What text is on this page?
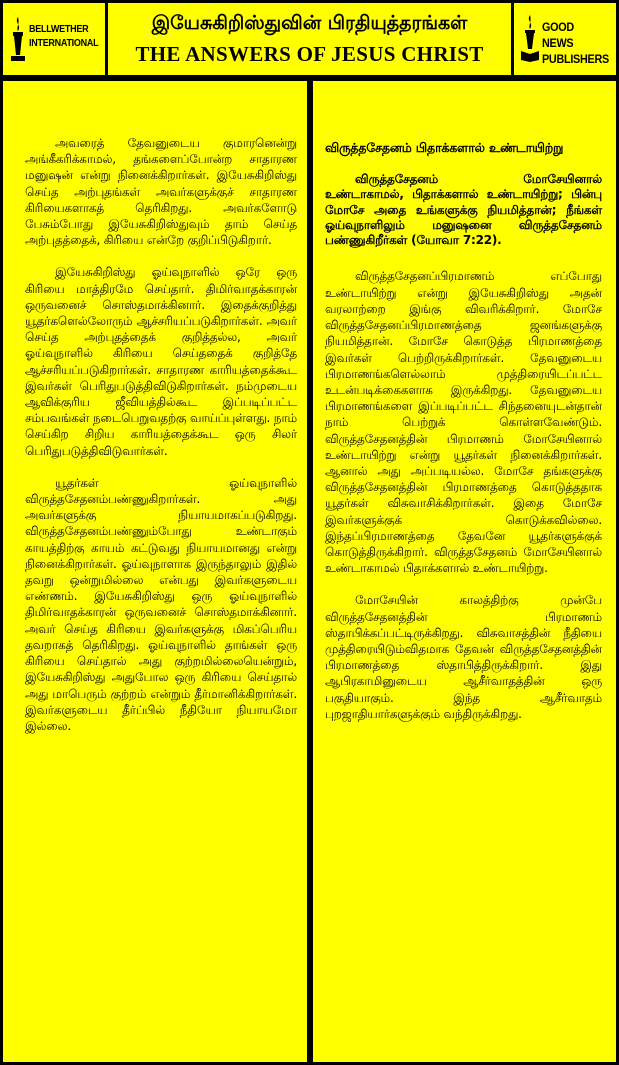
BELLWETHER
INTERNATIONAL
இயேசுகிறிஸ்துவின் பிரதியுத்தரங்கள்
THE ANSWERS OF JESUS CHRIST
GOOD NEWS
PUBLISHERS

அவரைத் தேவனுடைய குமாரனென்று அங்கீகரிக்காமல், தங்களைப்போன்ற சாதாரண மனுஷன் என்று நினைக்கிறார்கள். இயேசுகிறிஸ்து செய்த அற்புதங்கள் அவர்களுக்குச் சாதாரண கிரியைகளாகத் தெரிகிறது. அவர்களோடு பேசும்போது இயேசுகிறிஸ்துவும் தாம் செய்த அற்புதத்தைக், கிரியை என்றே குறிப்பிடுகிறார்.

இயேசுகிறிஸ்து ஓய்வுநாளில் ஒரே ஒரு கிரியை மாத்திரமே செய்தார். திமிர்வாதக்காரன் ஒருவனைச் சொஸ்தமாக்கினார். இதைக்குறித்து யூதர்களெல்லோரும் ஆச்சரியப்படுகிறார்கள். அவர் செய்த அற்புதத்தைக் குறித்தல்ல, அவர் ஓய்வுநாளில் கிரியை செய்ததைக் குறித்தே ஆச்சரியப்படுகிறார்கள். சாதாரண காரியத்தைக்கூட இவர்கள் பெரிதுபடுத்திவிடுகிறார்கள். நம்முடைய ஆவிக்குரிய ஜீவியத்தில்கூட இப்படிப்பட்ட சம்பவங்கள் நடைபெறுவதற்கு வாய்ப்புள்ளது. நாம் செய்கிற சிறிய காரியத்தைக்கூட ஒரு சிலர் பெரிதுபடுத்திவிடுவார்கள்.

யூதர்கள் ஓய்வுநாளில் விருத்தசேதனம்பண்ணுகிறார்கள். அது அவர்களுக்கு நியாயமாகப்படுகிறது. விருத்தசேதனம்பண்ணும்போது உண்டாகும் காயத்திற்கு காயம் கட்டுவது நியாயமானது என்று நினைக்கிறார்கள். ஓய்வுநாளாக இருந்தாலும் இதில் தவறு ஒன்றுமில்லை என்பது இவர்களுடைய எண்ணம். இயேசுகிறிஸ்து ஒரு ஓய்வுநாளில் திமிர்வாதக்காரன் ஒருவனைச் சொஸ்தமாக்கினார். அவர் செய்த கிரியை இவர்களுக்கு மிகப்பெரிய தவறாகத் தெரிகிறது. ஓய்வுநாளில் தாங்கள் ஒரு கிரியை செய்தால் அது குற்றமில்லையென்றும், இயேசுகிறிஸ்து அதுபோல ஒரு கிரியை செய்தால் அது மாபெரும் குற்றம் என்றும் தீர்மானிக்கிறார்கள். இவர்களுடைய தீர்ப்பில் நீதியோ நியாயமோ இல்லை.

விருத்தசேதனம் பிதாக்களால் உண்டாயிற்று

விருத்தசேதனம் மோசேயினால் உண்டாகாமல், பிதாக்களால் உண்டாயிற்று; பின்பு மோசே அதை உங்களுக்கு நியமித்தான்; நீங்கள் ஓய்வுநாளிலும் மனுஷனை விருத்தசேதனம் பண்ணுகிறீர்கள் (யோவா 7:22).

விருத்தசேதனப்பிரமாணம் எப்போது உண்டாயிற்று என்று இயேசுகிறிஸ்து அதன் வரலாற்றை இங்கு விவரிக்கிறார். மோசே விருத்தசேதனப்பிரமாணத்தை ஜனங்களுக்கு நியமித்தான். மோசே கொடுத்த பிரமாணத்தை இவர்கள் பெற்றிருக்கிறார்கள். தேவனுடைய பிரமாணங்களெல்லாம் முத்திரையிடப்பட்ட உடன்படிக்கைகளாக இருக்கிறது. தேவனுடைய பிரமாணங்களை இப்படிப்பட்ட சிந்தனையுடன்தான் நாம் பெற்றுக் கொள்ளவேண்டும். விருத்தசேதனத்தின் பிரமாணம் மோசேயினால் உண்டாயிற்று என்று யூதர்கள் நினைக்கிறார்கள். ஆனால் அது அப்படியல்ல. மோசே தங்களுக்கு விருத்தசேதனத்தின் பிரமாணத்தை கொடுத்ததாக யூதர்கள் விசுவாசிக்கிறார்கள். இதை மோசே இவர்களுக்குக் கொடுக்கவில்லை. இந்தப்பிரமாணத்தை தேவனே யூதர்களுக்குக் கொடுத்திருக்கிறார். விருத்தசேதனம் மோசேயினால் உண்டாகாமல் பிதாக்களால் உண்டாயிற்று.

மோசேயின் காலத்திற்கு முன்பே விருத்தசேதனத்தின் பிரமாணம் ஸ்தாபிக்கப்பட்டிருக்கிறது. விசுவாசத்தின் நீதியை முத்திரையிடும்விதமாக தேவன் விருத்தசேதனத்தின் பிரமாணத்தை ஸ்தாபித்திருக்கிறார். இது ஆபிரகாமினுடைய ஆசீர்வாதத்தின் ஒரு பகுதியாகும். இந்த ஆசீர்வாதம் புறஜாதியார்களுக்கும் வந்திருக்கிறது.
